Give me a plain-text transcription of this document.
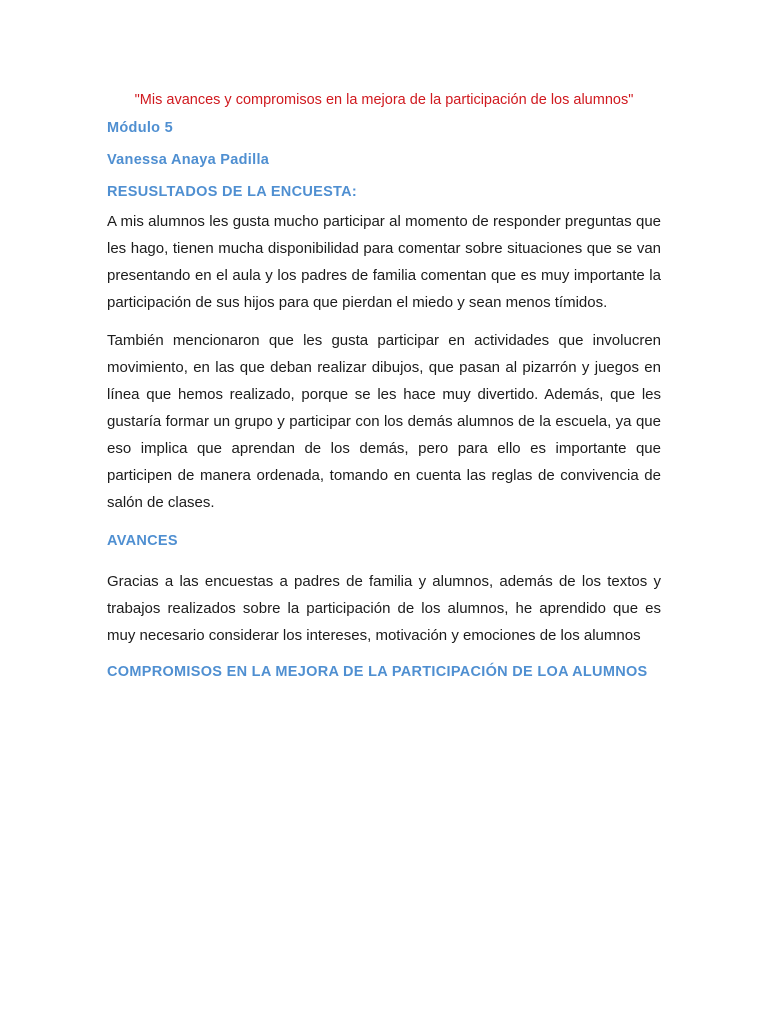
"Mis avances y compromisos en la mejora de la participación de los alumnos"

Módulo 5

Vanessa Anaya Padilla

RESUSLTADOS DE LA ENCUESTA:

A mis alumnos les gusta mucho participar al momento de responder preguntas que les hago, tienen mucha disponibilidad para comentar sobre situaciones que se van presentando en el aula y los padres de familia comentan que es muy importante la participación de sus hijos para que pierdan el miedo y sean menos tímidos.

También mencionaron que les gusta participar en actividades que involucren movimiento, en las que deban realizar dibujos, que pasan al pizarrón y juegos en línea que hemos realizado, porque se les hace muy divertido. Además, que les gustaría formar un grupo y participar con los demás alumnos de la escuela, ya que eso implica que aprendan de los demás, pero para ello es importante que participen de manera ordenada, tomando en cuenta las reglas de convivencia de salón de clases.

AVANCES

Gracias a las encuestas a padres de familia y alumnos, además de los textos y trabajos realizados sobre la participación de los alumnos, he aprendido que es muy necesario considerar los intereses, motivación y emociones de los alumnos

COMPROMISOS EN LA MEJORA DE LA PARTICIPACIÓN DE LOA ALUMNOS
